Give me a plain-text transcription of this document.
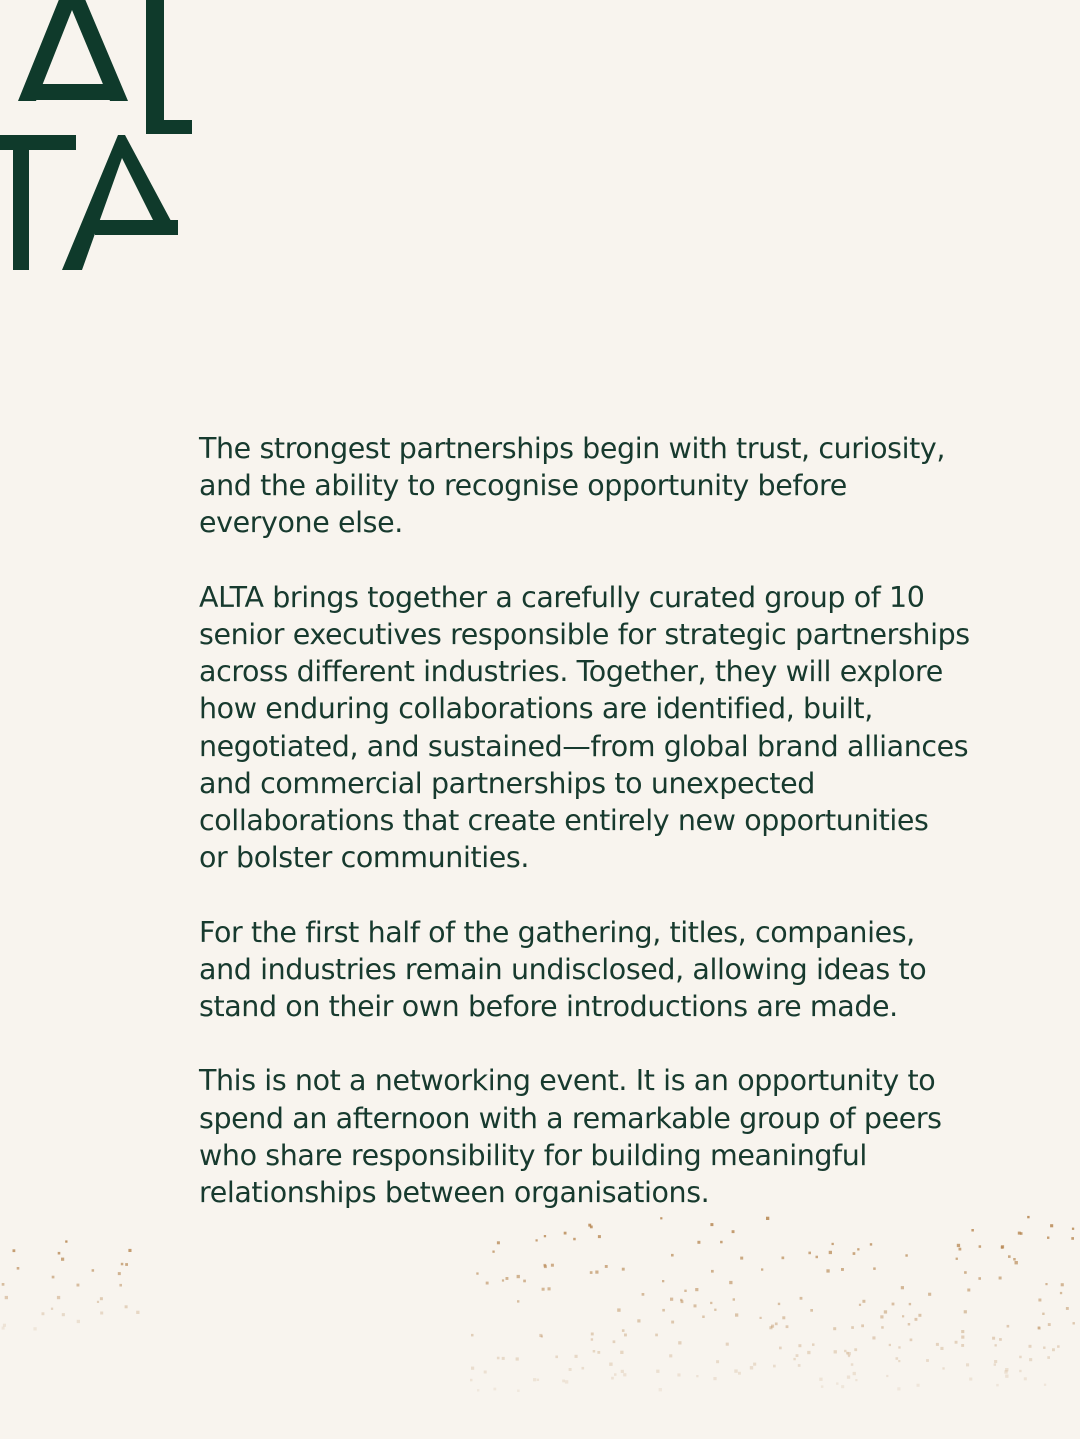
The strongest partnerships begin with trust, curiosity,
and the ability to recognise opportunity before
everyone else.

ALTA brings together a carefully curated group of 10
senior executives responsible for strategic partnerships
across different industries. Together, they will explore
how enduring collaborations are identified, built,
negotiated, and sustained—from global brand alliances
and commercial partnerships to unexpected
collaborations that create entirely new opportunities
or bolster communities.

For the first half of the gathering, titles, companies,
and industries remain undisclosed, allowing ideas to
stand on their own before introductions are made.

This is not a networking event. It is an opportunity to
spend an afternoon with a remarkable group of peers
who share responsibility for building meaningful
relationships between organisations.
